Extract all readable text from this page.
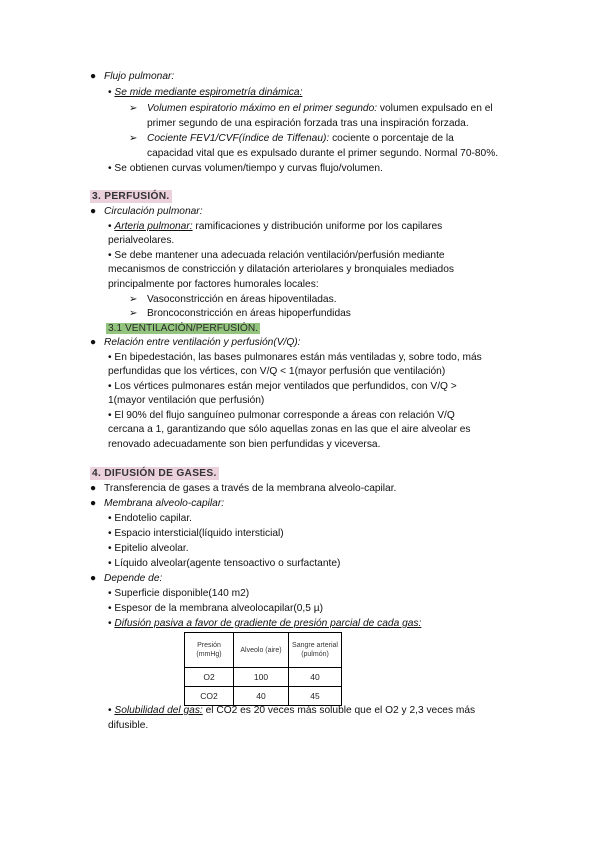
● Flujo pulmonar:
• Se mide mediante espirometría dinámica:
➢ Volumen espiratorio máximo en el primer segundo: volumen expulsado en el
primer segundo de una espiración forzada tras una inspiración forzada.
➢ Cociente FEV1/CVF(índice de Tiffenau): cociente o porcentaje de la
capacidad vital que es expulsado durante el primer segundo. Normal 70-80%.
• Se obtienen curvas volumen/tiempo y curvas flujo/volumen.
3. PERFUSIÓN.
● Circulación pulmonar:
• Arteria pulmonar: ramificaciones y distribución uniforme por los capilares
perialveolares.
• Se debe mantener una adecuada relación ventilación/perfusión mediante
mecanismos de constricción y dilatación arteriolares y bronquiales mediados
principalmente por factores humorales locales:
➢ Vasoconstricción en áreas hipoventiladas.
➢ Broncoconstricción en áreas hipoperfundidas
3.1 VENTILACIÓN/PERFUSIÓN.
● Relación entre ventilación y perfusión(V/Q):
• En bipedestación, las bases pulmonares están más ventiladas y, sobre todo, más
perfundidas que los vértices, con V/Q < 1(mayor perfusión que ventilación)
• Los vértices pulmonares están mejor ventilados que perfundidos, con V/Q >
1(mayor ventilación que perfusión)
• El 90% del flujo sanguíneo pulmonar corresponde a áreas con relación V/Q
cercana a 1, garantizando que sólo aquellas zonas en las que el aire alveolar es
renovado adecuadamente son bien perfundidas y viceversa.
4. DIFUSIÓN DE GASES.
● Transferencia de gases a través de la membrana alveolo-capilar.
● Membrana alveolo-capilar:
• Endotelio capilar.
• Espacio intersticial(líquido intersticial)
• Epitelio alveolar.
• Líquido alveolar(agente tensoactivo o surfactante)
● Depende de:
• Superficie disponible(140 m2)
• Espesor de la membrana alveolocapilar(0,5 µ)
• Difusión pasiva a favor de gradiente de presión parcial de cada gas:
Presión (mmHg)	Alveolo (aire)	Sangre arterial (pulmón)
O2	100	40
CO2	40	45
• Solubilidad del gas: el CO2 es 20 veces más soluble que el O2 y 2,3 veces más
difusible.
